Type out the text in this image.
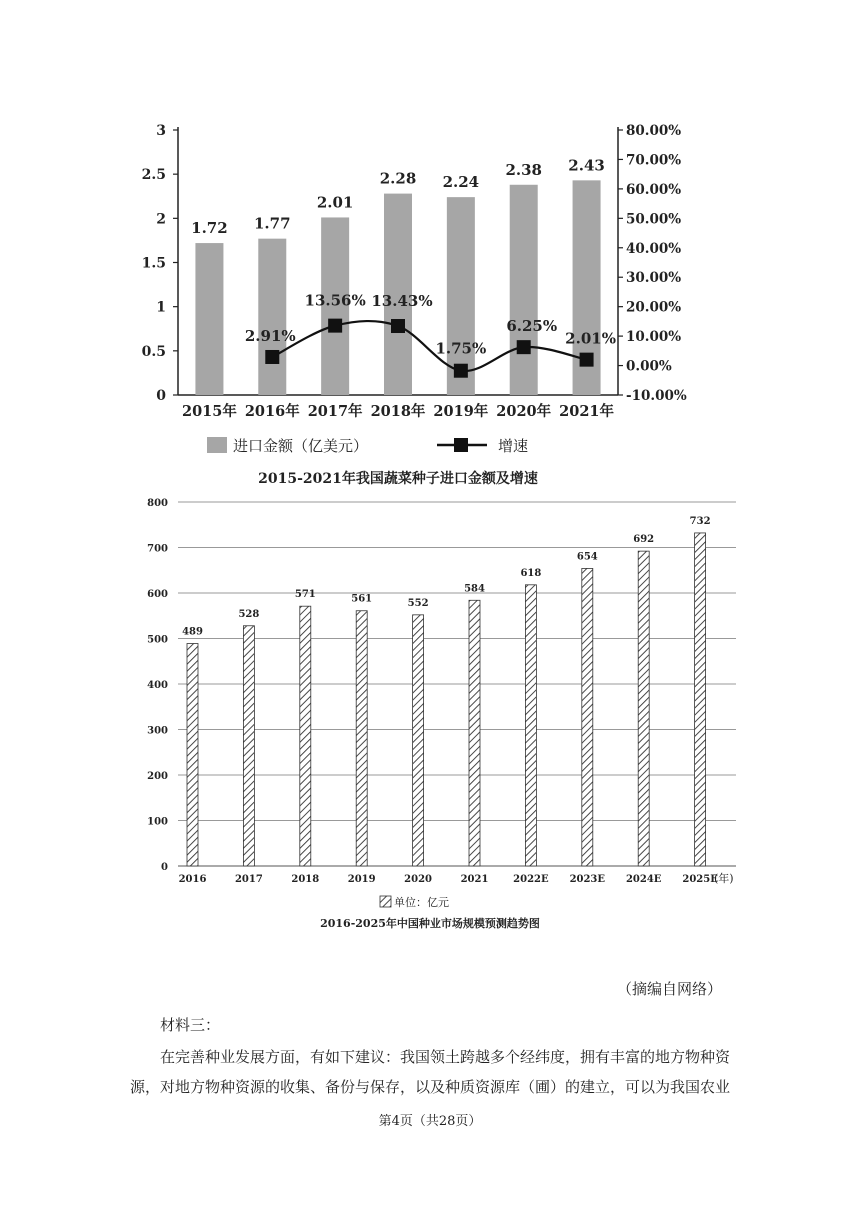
0
0.5
1
1.5
2
2.5
3
-10.00%
0.00%
10.00%
20.00%
30.00%
40.00%
50.00%
60.00%
70.00%
80.00%
1.72 1.77
2.01
2.28 2.24
2.38 2.43
2.91%
13.56% 13.43%
1.75%
6.25%
2.01%
2015年 2016年 2017年 2018年 2019年 2020年 2021年
进口金额（亿美元）	增速
2015-2021年我国蔬菜种子进口金额及增速
0
100
200
300
400
500
600
700
800
489
528
571	561	552
584
618
654
692
732
2016	2017	2018	2019	2020	2021 2022E 2023E 2024E 2025E
(年)
单位：亿元
2016-2025年中国种业市场规模预测趋势图
（摘编自网络）
材料三：

在完善种业发展方面，有如下建议：我国领土跨越多个经纬度，拥有丰富的地方物种资源，对地方物种资源的收集、备份与保存，以及种质资源库（圃）的建立，可以为我国农业

第4页（共28页）
